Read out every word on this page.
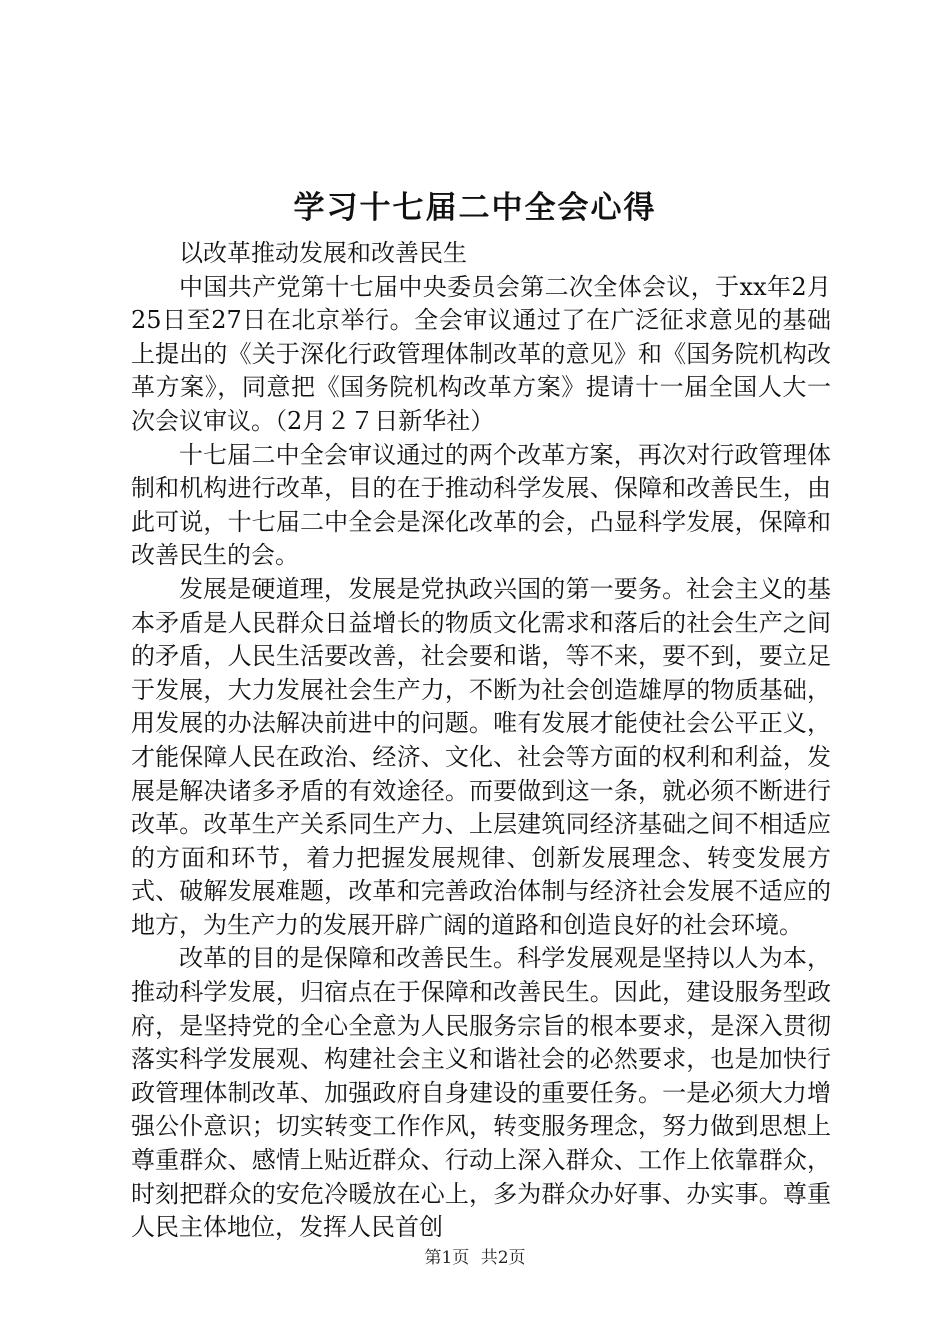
学习十七届二中全会心得

以改革推动发展和改善民生

中国共产党第十七届中央委员会第二次全体会议，于xx年2月25日至27日在北京举行。全会审议通过了在广泛征求意见的基础上提出的《关于深化行政管理体制改革的意见》和《国务院机构改革方案》，同意把《国务院机构改革方案》提请十一届全国人大一次会议审议。（2月２７日新华社）

十七届二中全会审议通过的两个改革方案，再次对行政管理体制和机构进行改革，目的在于推动科学发展、保障和改善民生，由此可说，十七届二中全会是深化改革的会，凸显科学发展，保障和改善民生的会。

发展是硬道理，发展是党执政兴国的第一要务。社会主义的基本矛盾是人民群众日益增长的物质文化需求和落后的社会生产之间的矛盾，人民生活要改善，社会要和谐，等不来，要不到，要立足于发展，大力发展社会生产力，不断为社会创造雄厚的物质基础，用发展的办法解决前进中的问题。唯有发展才能使社会公平正义，才能保障人民在政治、经济、文化、社会等方面的权利和利益，发展是解决诸多矛盾的有效途径。而要做到这一条，就必须不断进行改革。改革生产关系同生产力、上层建筑同经济基础之间不相适应的方面和环节，着力把握发展规律、创新发展理念、转变发展方式、破解发展难题，改革和完善政治体制与经济社会发展不适应的地方，为生产力的发展开辟广阔的道路和创造良好的社会环境。

改革的目的是保障和改善民生。科学发展观是坚持以人为本，推动科学发展，归宿点在于保障和改善民生。因此，建设服务型政府，是坚持党的全心全意为人民服务宗旨的根本要求，是深入贯彻落实科学发展观、构建社会主义和谐社会的必然要求，也是加快行政管理体制改革、加强政府自身建设的重要任务。一是必须大力增强公仆意识；切实转变工作作风，转变服务理念，努力做到思想上尊重群众、感情上贴近群众、行动上深入群众、工作上依靠群众，时刻把群众的安危冷暖放在心上，多为群众办好事、办实事。尊重人民主体地位，发挥人民首创

第1页 共2页
